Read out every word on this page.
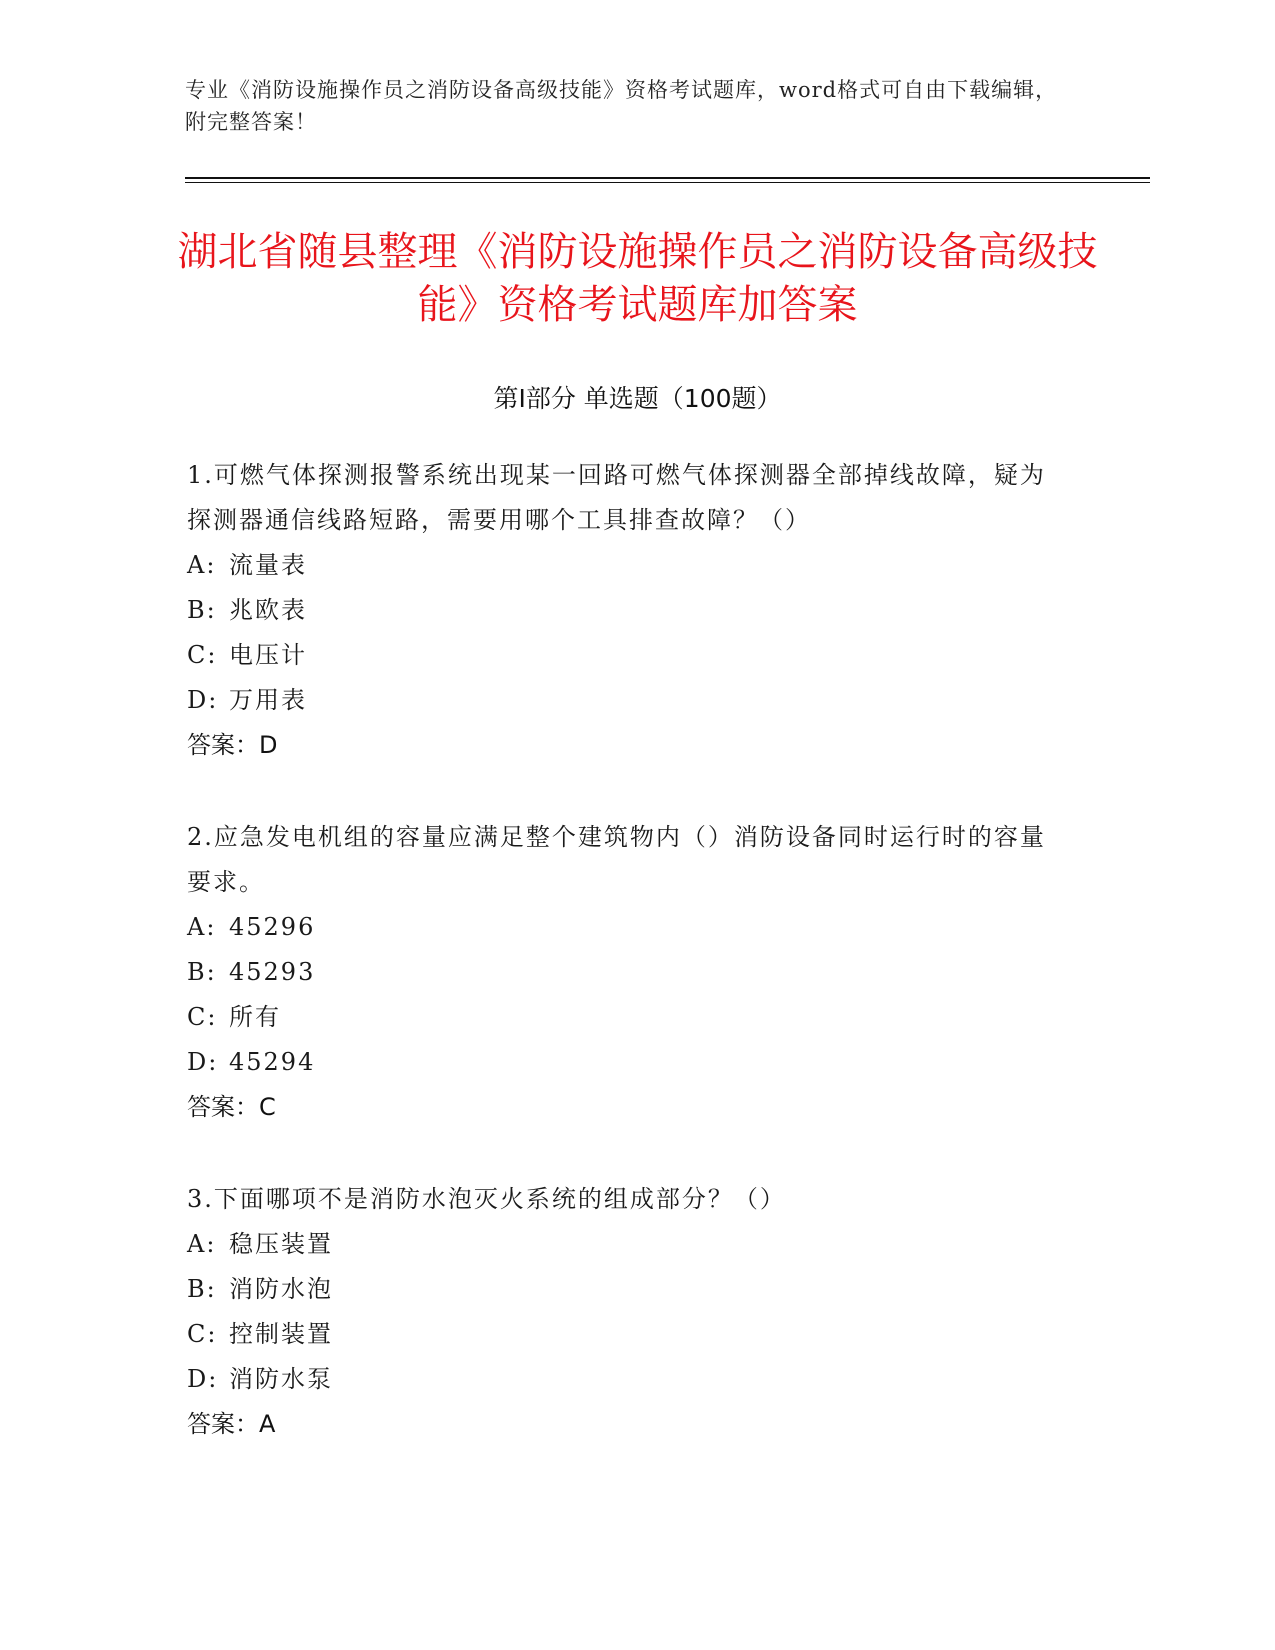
专业《消防设施操作员之消防设备高级技能》资格考试题库，word格式可自由下载编辑，附完整答案！
湖北省随县整理《消防设施操作员之消防设备高级技能》资格考试题库加答案
第Ⅰ部分 单选题（100题）

1.可燃气体探测报警系统出现某一回路可燃气体探测器全部掉线故障，疑为探测器通信线路短路，需要用哪个工具排查故障？（）

A: 流量表

B: 兆欧表

C: 电压计

D: 万用表

答案：D

2.应急发电机组的容量应满足整个建筑物内（）消防设备同时运行时的容量要求。

A: 45296

B: 45293

C: 所有

D: 45294

答案：C

3.下面哪项不是消防水泡灭火系统的组成部分？（）

A: 稳压装置

B: 消防水泡

C: 控制装置

D: 消防水泵

答案：A
